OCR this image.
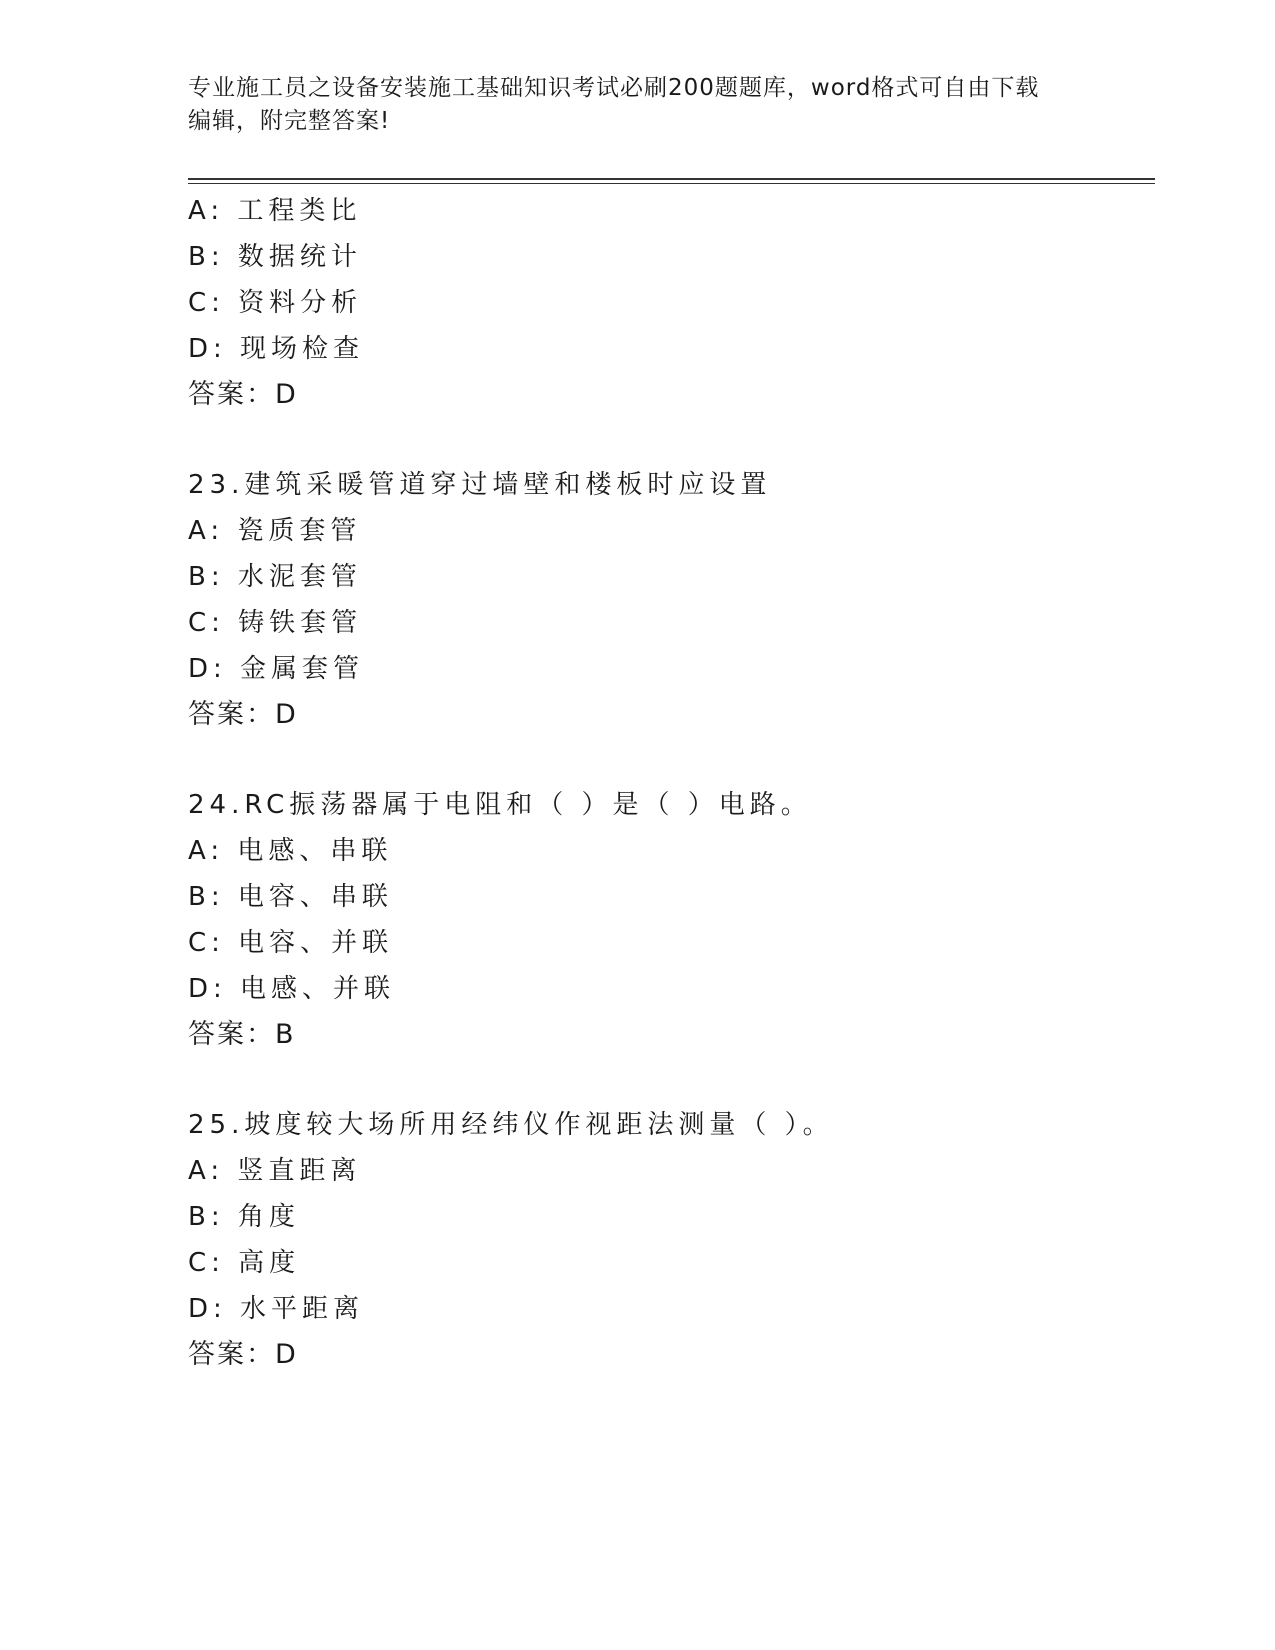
专业施工员之设备安装施工基础知识考试必刷200题题库，word格式可自由下载
编辑，附完整答案!
A: 工程类比
B: 数据统计
C: 资料分析
D: 现场检查
答案：D
23.建筑采暖管道穿过墙壁和楼板时应设置
A: 瓷质套管
B: 水泥套管
C: 铸铁套管
D: 金属套管
答案：D
24.RC振荡器属于电阻和（ ）是（ ）电路。
A: 电感、串联
B: 电容、串联
C: 电容、并联
D: 电感、并联
答案：B
25.坡度较大场所用经纬仪作视距法测量（ ）。
A: 竖直距离
B: 角度
C: 高度
D: 水平距离
答案：D
